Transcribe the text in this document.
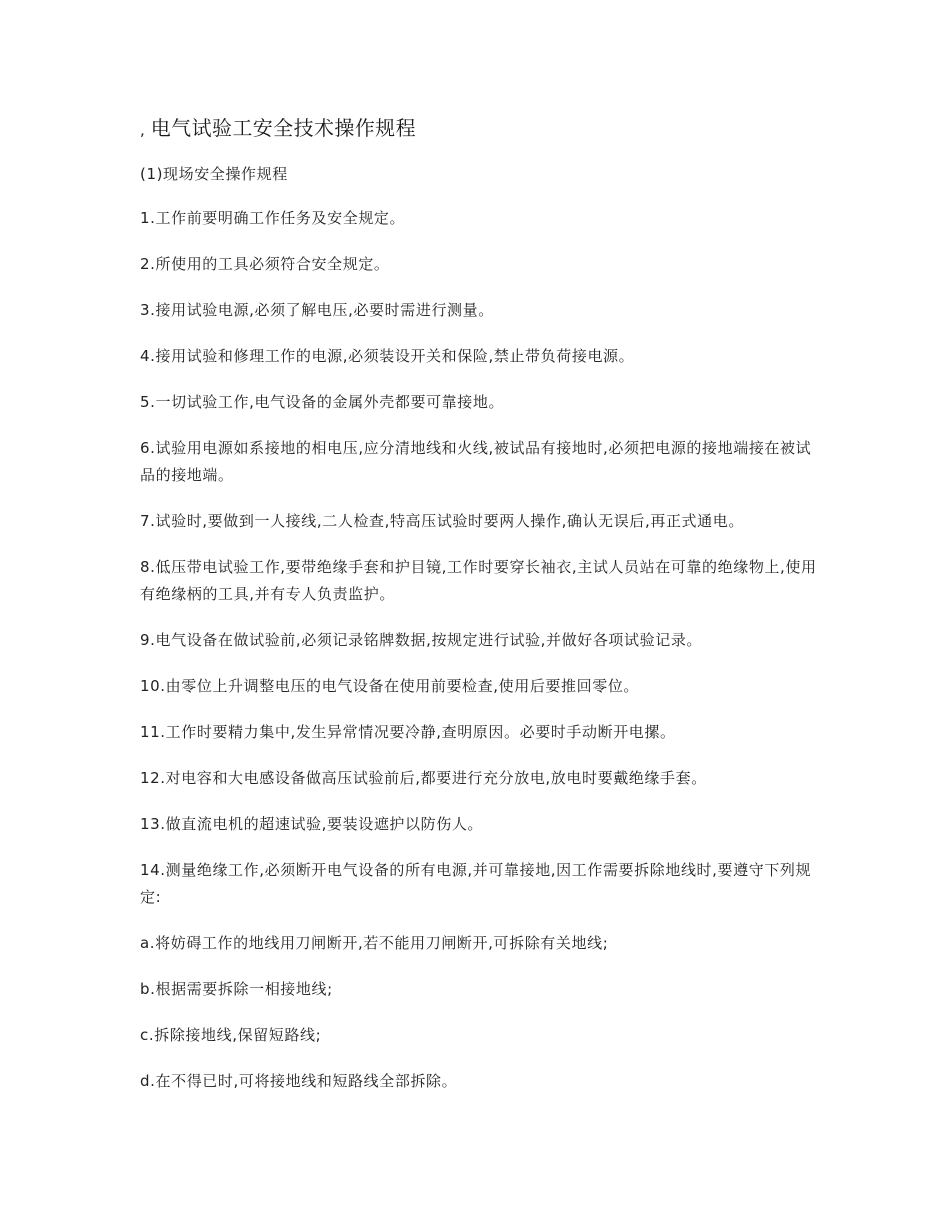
, 电气试验工安全技术操作规程

(1)现场安全操作规程

1.工作前要明确工作任务及安全规定。

2.所使用的工具必须符合安全规定。

3.接用试验电源,必须了解电压,必要时需进行测量。

4.接用试验和修理工作的电源,必须装设开关和保险,禁止带负荷接电源。

5.一切试验工作,电气设备的金属外壳都要可靠接地。

6.试验用电源如系接地的相电压,应分清地线和火线,被试品有接地时,必须把电源的接地端接在被试品的接地端。

7.试验时,要做到一人接线,二人检查,特高压试验时要两人操作,确认无误后,再正式通电。

8.低压带电试验工作,要带绝缘手套和护目镜,工作时要穿长袖衣,主试人员站在可靠的绝缘物上,使用有绝缘柄的工具,并有专人负责监护。

9.电气设备在做试验前,必须记录铭牌数据,按规定进行试验,并做好各项试验记录。

10.由零位上升调整电压的电气设备在使用前要检查,使用后要推回零位。

11.工作时要精力集中,发生异常情况要冷静,查明原因。必要时手动断开电摞。

12.对电容和大电感设备做高压试验前后,都要进行充分放电,放电时要戴绝缘手套。

13.做直流电机的超速试验,要装设遮护以防伤人。

14.测量绝缘工作,必须断开电气设备的所有电源,并可靠接地,因工作需要拆除地线时,要遵守下列规定:

a.将妨碍工作的地线用刀闸断开,若不能用刀闸断开,可拆除有关地线;

b.根据需要拆除一相接地线;

c.拆除接地线,保留短路线;

d.在不得已时,可将接地线和短路线全部拆除。
